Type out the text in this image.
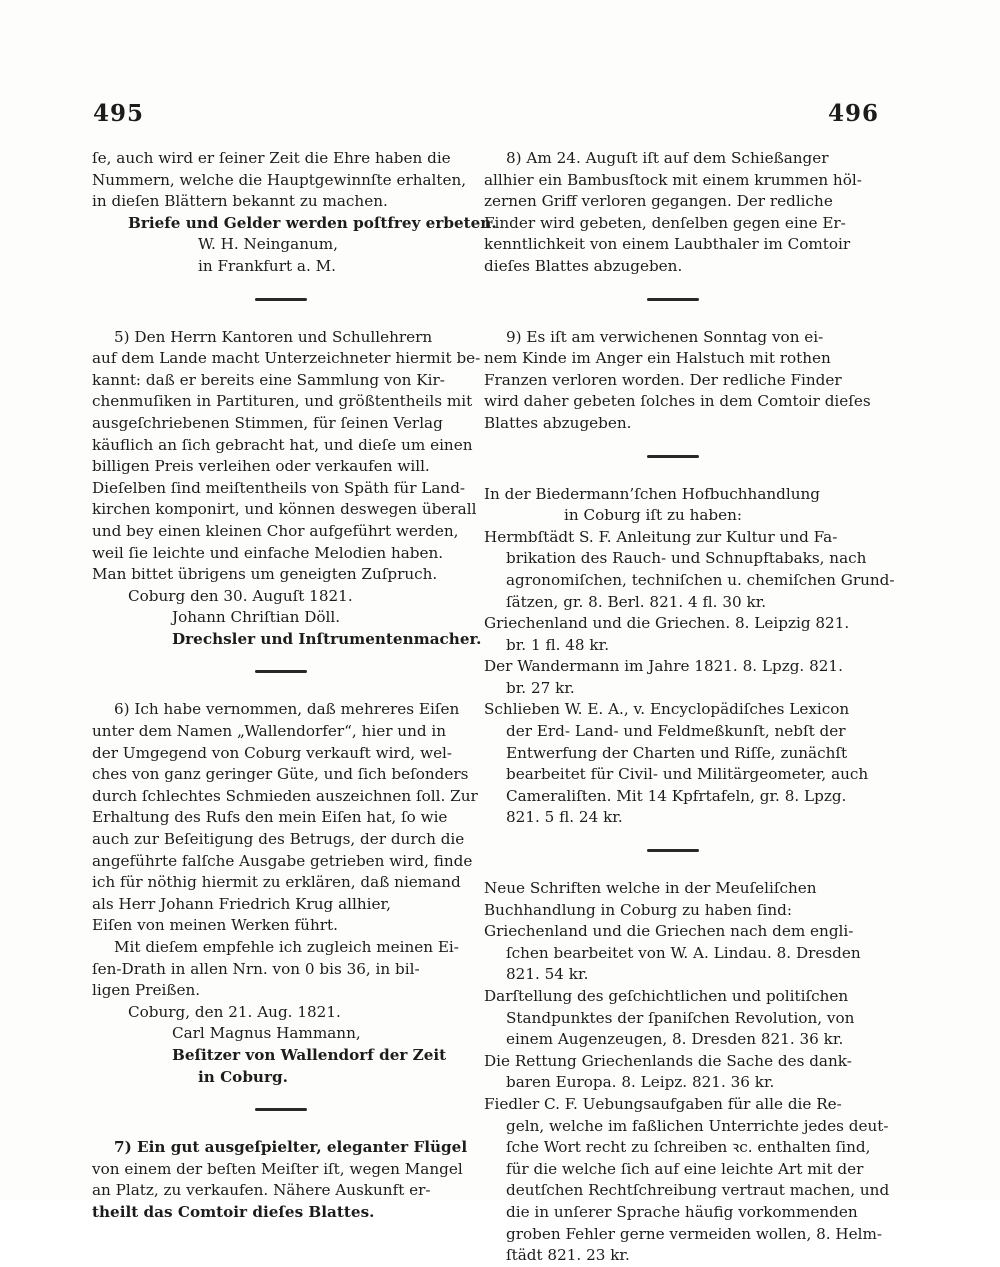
495	496
ſe, auch wird er ſeiner Zeit die Ehre haben die
Nummern, welche die Hauptgewinnſte erhalten,
in dieſen Blättern bekannt zu machen.
Briefe und Gelder werden poſtfrey erbeten.
W. H. Neinganum,
in Frankfurt a. M.
5) Den Herrn Kantoren und Schullehrern
auf dem Lande macht Unterzeichneter hiermit be-
kannt: daß er bereits eine Sammlung von Kir-
chenmuſiken in Partituren, und größtentheils mit
ausgeſchriebenen Stimmen, für ſeinen Verlag
käuflich an ſich gebracht hat, und dieſe um einen
billigen Preis verleihen oder verkaufen will.
Dieſelben ſind meiſtentheils von Späth für Land-
kirchen komponirt, und können deswegen überall
und bey einen kleinen Chor aufgeführt werden,
weil ſie leichte und einfache Melodien haben.
Man bittet übrigens um geneigten Zuſpruch.
Coburg den 30. Auguſt 1821.
Johann Chriſtian Döll.
Drechsler und Inſtrumentenmacher.
6) Ich habe vernommen, daß mehreres Eiſen
unter dem Namen „Wallendorfer“, hier und in
der Umgegend von Coburg verkauft wird, wel-
ches von ganz geringer Güte, und ſich beſonders
durch ſchlechtes Schmieden auszeichnen ſoll. Zur
Erhaltung des Rufs den mein Eiſen hat, ſo wie
auch zur Beſeitigung des Betrugs, der durch die
angeführte falſche Ausgabe getrieben wird, finde
ich für nöthig hiermit zu erklären, daß niemand
als Herr Johann Friedrich Krug allhier,
Eiſen von meinen Werken führt.
Mit dieſem empfehle ich zugleich meinen Ei-
ſen-Drath in allen Nrn. von 0 bis 36, in bil-
ligen Preißen.
Coburg, den 21. Aug. 1821.
Carl Magnus Hammann,
Beſitzer von Wallendorf der Zeit
in Coburg.
7) Ein gut ausgeſpielter, eleganter Flügel
von einem der beſten Meiſter iſt, wegen Mangel
an Platz, zu verkaufen. Nähere Auskunft er-
theilt das Comtoir dieſes Blattes.
8) Am 24. Auguſt iſt auf dem Schießanger
allhier ein Bambusſtock mit einem krummen höl-
zernen Griff verloren gegangen. Der redliche
Finder wird gebeten, denſelben gegen eine Er-
kenntlichkeit von einem Laubthaler im Comtoir
dieſes Blattes abzugeben.
9) Es iſt am verwichenen Sonntag von ei-
nem Kinde im Anger ein Halstuch mit rothen
Franzen verloren worden. Der redliche Finder
wird daher gebeten ſolches in dem Comtoir dieſes
Blattes abzugeben.
In der Biedermann’ſchen Hofbuchhandlung
in Coburg iſt zu haben:
Hermbſtädt S. F. Anleitung zur Kultur und Fa-
brikation des Rauch- und Schnupftabaks, nach
agronomiſchen, techniſchen u. chemiſchen Grund-
ſätzen, gr. 8. Berl. 821. 4 fl. 30 kr.
Griechenland und die Griechen. 8. Leipzig 821.
br. 1 fl. 48 kr.
Der Wandermann im Jahre 1821. 8. Lpzg. 821.
br. 27 kr.
Schlieben W. E. A., v. Encyclopädiſches Lexicon
der Erd- Land- und Feldmeßkunſt, nebſt der
Entwerfung der Charten und Riſſe, zunächſt
bearbeitet für Civil- und Militärgeometer, auch
Cameraliſten. Mit 14 Kpfrtafeln, gr. 8. Lpzg.
821. 5 fl. 24 kr.
Neue Schriften welche in der Meuſeliſchen
Buchhandlung in Coburg zu haben ſind:
Griechenland und die Griechen nach dem engli-
ſchen bearbeitet von W. A. Lindau. 8. Dresden
821. 54 kr.
Darſtellung des geſchichtlichen und politiſchen
Standpunktes der ſpaniſchen Revolution, von
einem Augenzeugen, 8. Dresden 821. 36 kr.
Die Rettung Griechenlands die Sache des dank-
baren Europa. 8. Leipz. 821. 36 kr.
Fiedler C. F. Uebungsaufgaben für alle die Re-
geln, welche im faßlichen Unterrichte jedes deut-
ſche Wort recht zu ſchreiben ꝛc. enthalten ſind,
für die welche ſich auf eine leichte Art mit der
deutſchen Rechtſchreibung vertraut machen, und
die in unſerer Sprache häufig vorkommenden
groben Fehler gerne vermeiden wollen, 8. Helm-
ſtädt 821. 23 kr.
